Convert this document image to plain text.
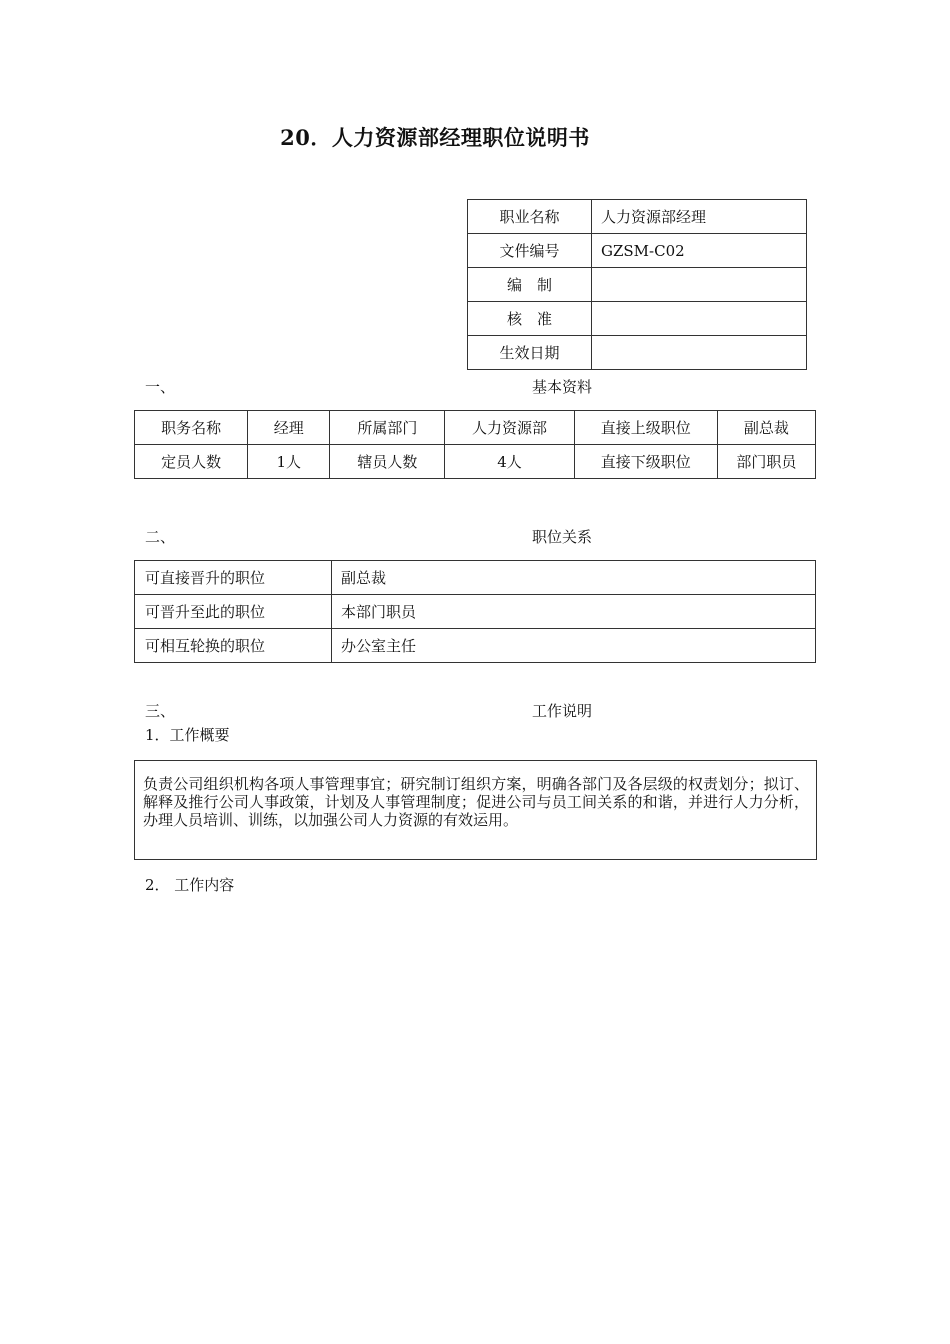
20．人力资源部经理职位说明书
职业名称	人力资源部经理
文件编号	GZSM-C02
编　制	
核　准	
生效日期	
一、	基本资料
职务名称	经理	所属部门	人力资源部	直接上级职位	副总裁
定员人数	1人	辖员人数	4人	直接下级职位	部门职员
二、	职位关系
可直接晋升的职位	副总裁
可晋升至此的职位	本部门职员
可相互轮换的职位	办公室主任
三、	工作说明
1．工作概要
负责公司组织机构各项人事管理事宜；研究制订组织方案，明确各部门及各层级的权责划分；拟订、解释及推行公司人事政策，计划及人事管理制度；促进公司与员工间关系的和谐，并进行人力分析，办理人员培训、训练，以加强公司人力资源的有效运用。
2． 工作内容
